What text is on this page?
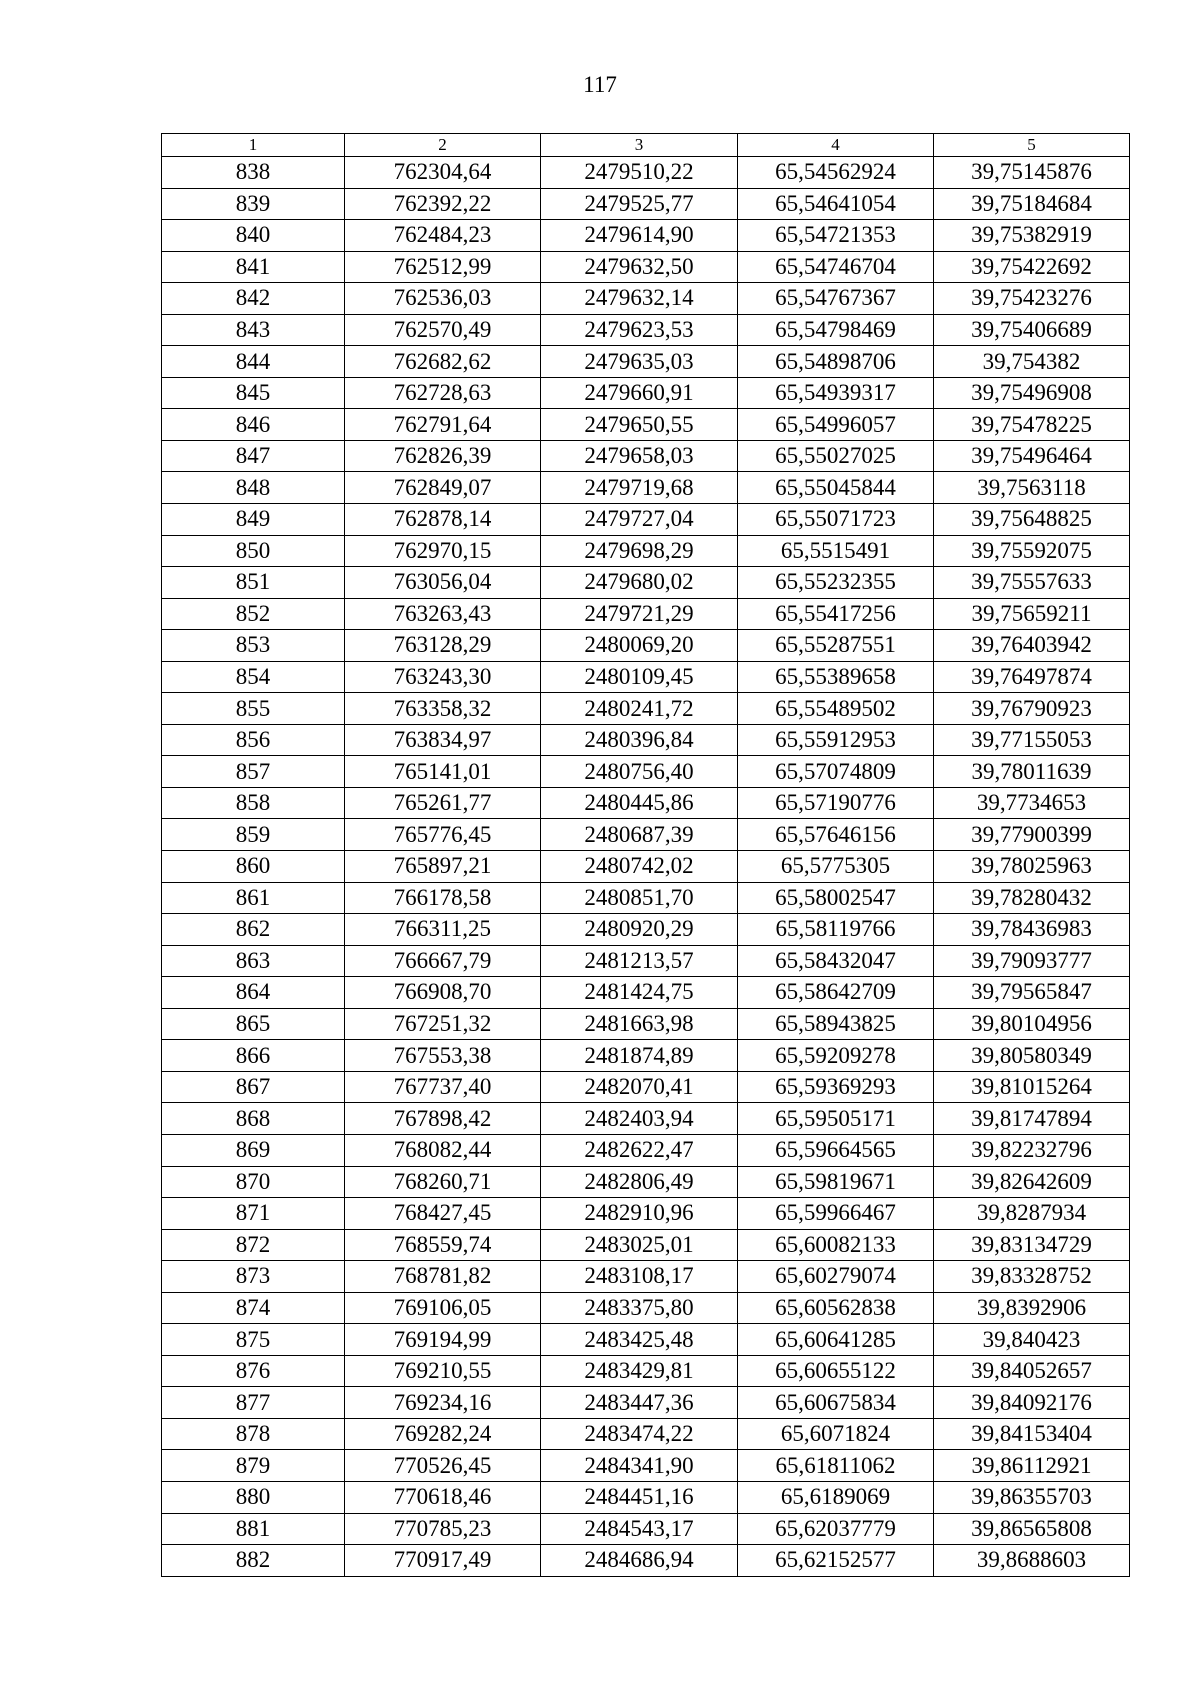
117
1	2	3	4	5
838	762304,64	2479510,22	65,54562924	39,75145876
839	762392,22	2479525,77	65,54641054	39,75184684
840	762484,23	2479614,90	65,54721353	39,75382919
841	762512,99	2479632,50	65,54746704	39,75422692
842	762536,03	2479632,14	65,54767367	39,75423276
843	762570,49	2479623,53	65,54798469	39,75406689
844	762682,62	2479635,03	65,54898706	39,754382
845	762728,63	2479660,91	65,54939317	39,75496908
846	762791,64	2479650,55	65,54996057	39,75478225
847	762826,39	2479658,03	65,55027025	39,75496464
848	762849,07	2479719,68	65,55045844	39,7563118
849	762878,14	2479727,04	65,55071723	39,75648825
850	762970,15	2479698,29	65,5515491	39,75592075
851	763056,04	2479680,02	65,55232355	39,75557633
852	763263,43	2479721,29	65,55417256	39,75659211
853	763128,29	2480069,20	65,55287551	39,76403942
854	763243,30	2480109,45	65,55389658	39,76497874
855	763358,32	2480241,72	65,55489502	39,76790923
856	763834,97	2480396,84	65,55912953	39,77155053
857	765141,01	2480756,40	65,57074809	39,78011639
858	765261,77	2480445,86	65,57190776	39,7734653
859	765776,45	2480687,39	65,57646156	39,77900399
860	765897,21	2480742,02	65,5775305	39,78025963
861	766178,58	2480851,70	65,58002547	39,78280432
862	766311,25	2480920,29	65,58119766	39,78436983
863	766667,79	2481213,57	65,58432047	39,79093777
864	766908,70	2481424,75	65,58642709	39,79565847
865	767251,32	2481663,98	65,58943825	39,80104956
866	767553,38	2481874,89	65,59209278	39,80580349
867	767737,40	2482070,41	65,59369293	39,81015264
868	767898,42	2482403,94	65,59505171	39,81747894
869	768082,44	2482622,47	65,59664565	39,82232796
870	768260,71	2482806,49	65,59819671	39,82642609
871	768427,45	2482910,96	65,59966467	39,8287934
872	768559,74	2483025,01	65,60082133	39,83134729
873	768781,82	2483108,17	65,60279074	39,83328752
874	769106,05	2483375,80	65,60562838	39,8392906
875	769194,99	2483425,48	65,60641285	39,840423
876	769210,55	2483429,81	65,60655122	39,84052657
877	769234,16	2483447,36	65,60675834	39,84092176
878	769282,24	2483474,22	65,6071824	39,84153404
879	770526,45	2484341,90	65,61811062	39,86112921
880	770618,46	2484451,16	65,6189069	39,86355703
881	770785,23	2484543,17	65,62037779	39,86565808
882	770917,49	2484686,94	65,62152577	39,8688603
